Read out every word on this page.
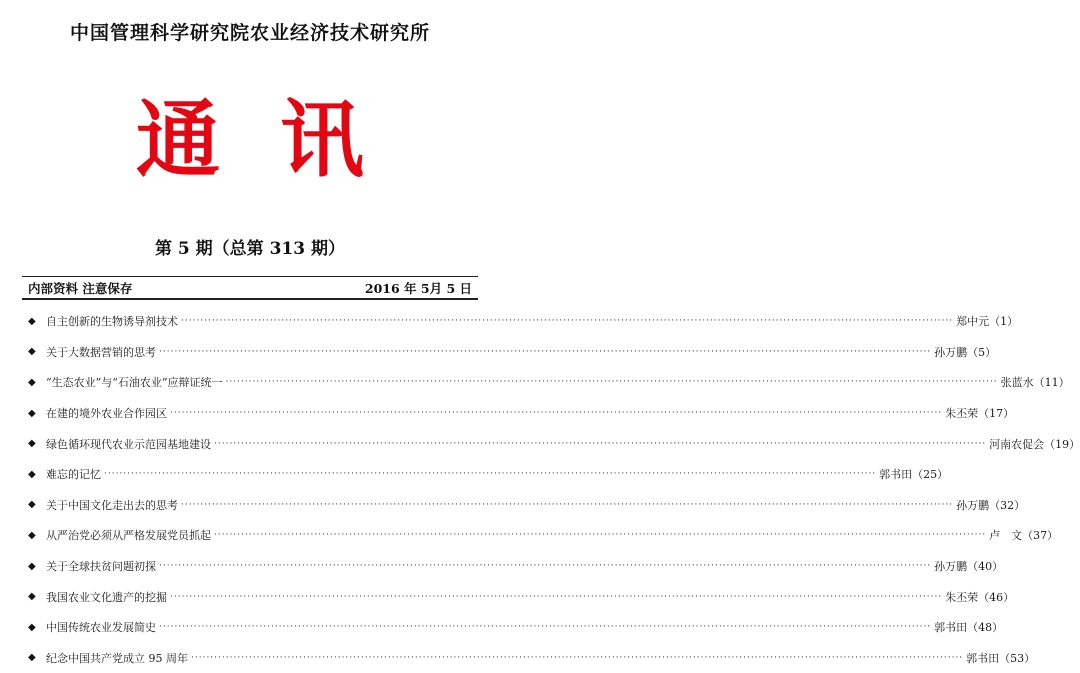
中国管理科学研究院农业经济技术研究所
通 讯
第 5 期（总第 313 期）
内部资料 注意保存	2016 年 5月 5 日
◆ 自主创新的生物诱导剂技术 ········································································································································································································ 郑中元 （1）
◆ 关于大数据营销的思考 ········································································································································································································ 孙万鹏 （5）
◆ “生态农业”与“石油农业”应辩证统一 ········································································································································································································ 张蓝水 （11）
◆ 在建的境外农业合作园区 ········································································································································································································ 朱丕荣 （17）
◆ 绿色循环现代农业示范园基地建设 ········································································································································································································ 河南农促会 （19）
◆ 难忘的记忆 ········································································································································································································ 郭书田 （25）
◆ 关于中国文化走出去的思考 ········································································································································································································ 孙万鹏 （32）
◆ 从严治党必须从严格发展党员抓起 ········································································································································································································ 卢　文 （37）
◆ 关于全球扶贫问题初探 ········································································································································································································ 孙万鹏 （40）
◆ 我国农业文化遗产的挖掘 ········································································································································································································ 朱丕荣 （46）
◆ 中国传统农业发展简史 ········································································································································································································ 郭书田 （48）
◆ 纪念中国共产党成立 95 周年 ········································································································································································································ 郭书田 （53）
